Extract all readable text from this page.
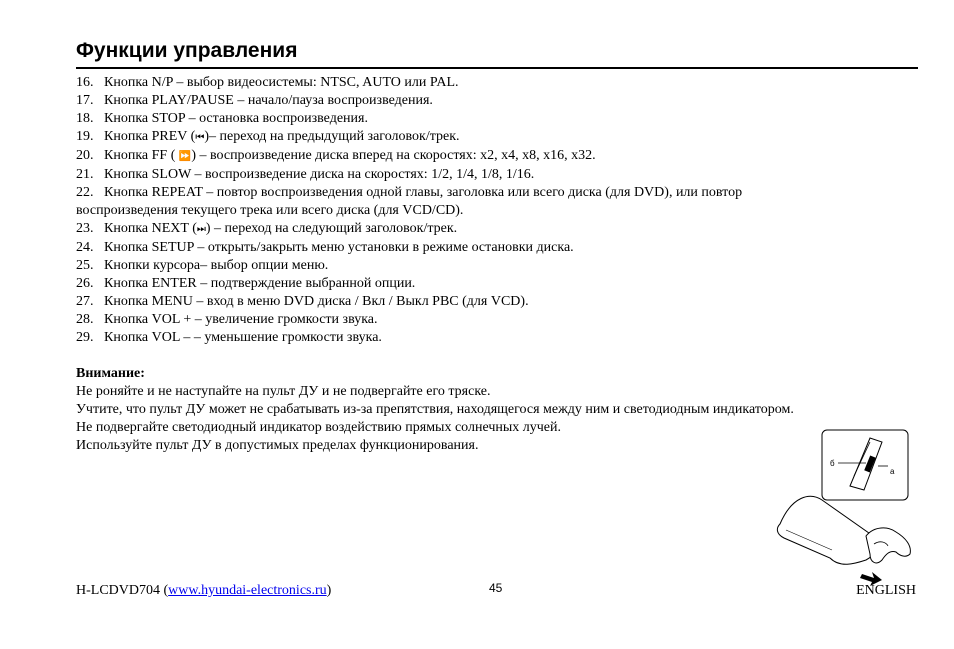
Функции управления
16. Кнопка N/P – выбор видеосистемы: NTSC, AUTO или PAL.
17. Кнопка PLAY/PAUSE – начало/пауза воспроизведения.
18. Кнопка STOP – остановка воспроизведения.
19. Кнопка PREV (⏮)– переход на предыдущий заголовок/трек.
20. Кнопка FF ( ⏩) – воспроизведение диска вперед на скоростях: x2, x4, x8, x16, x32.
21. Кнопка SLOW – воспроизведение диска на скоростях: 1/2, 1/4, 1/8, 1/16.
22. Кнопка REPEAT – повтор воспроизведения одной главы, заголовка или всего диска (для DVD), или повтор
воспроизведения текущего трека или всего диска (для VCD/CD).
23. Кнопка NEXT (⏭) – переход на следующий заголовок/трек.
24. Кнопка SETUP – открыть/закрыть меню установки в режиме остановки диска.
25. Кнопки курсора– выбор опции меню.
26. Кнопка ENTER – подтверждение выбранной опции.
27. Кнопка MENU – вход в меню DVD диска / Вкл / Выкл PBC (для VCD).
28. Кнопка VOL + – увеличение громкости звука.
29. Кнопка VOL – – уменьшение громкости звука.
Внимание:
Не роняйте и не наступайте на пульт ДУ и не подвергайте его тряске.
Учтите, что пульт ДУ может не срабатывать из-за препятствия, находящегося между ним и светодиодным индикатором.
Не подвергайте светодиодный индикатор воздействию прямых солнечных лучей.
Используйте пульт ДУ в допустимых пределах функционирования.
б
а
H-LCDVD704 (www.hyundai-electronics.ru)	45	ENGLISH
